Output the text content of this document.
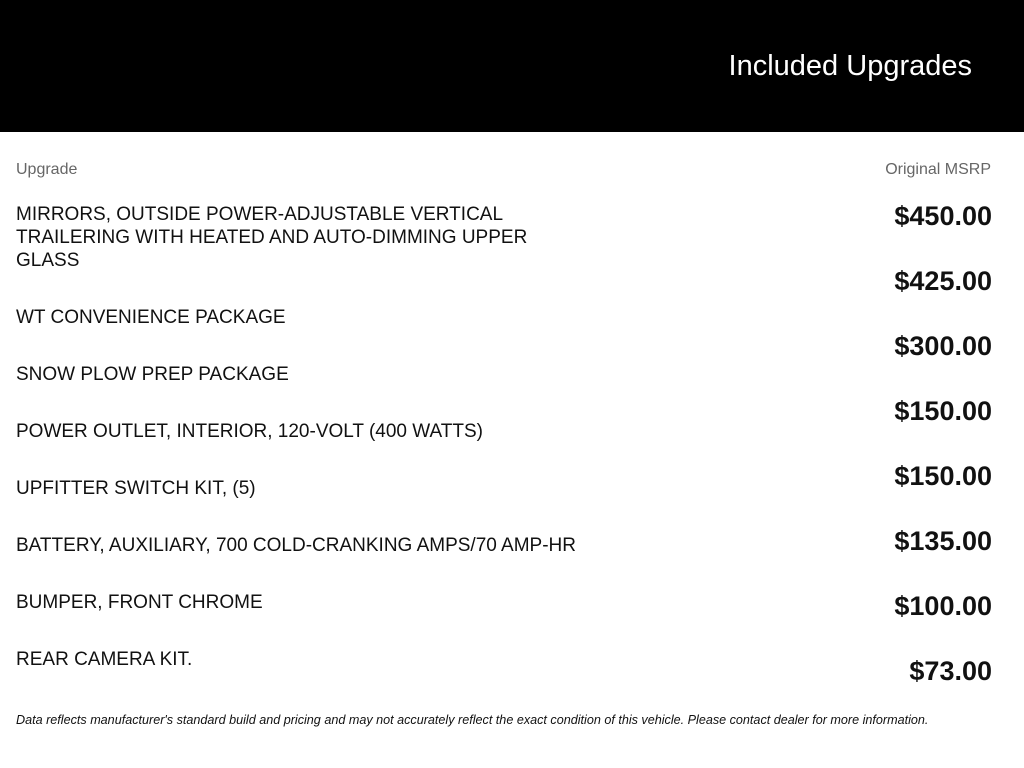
Included Upgrades
Upgrade	Original MSRP
MIRRORS, OUTSIDE POWER-ADJUSTABLE VERTICAL TRAILERING WITH HEATED AND AUTO-DIMMING UPPER GLASS
WT CONVENIENCE PACKAGE
SNOW PLOW PREP PACKAGE
POWER OUTLET, INTERIOR, 120-VOLT (400 WATTS)
UPFITTER SWITCH KIT, (5)
BATTERY, AUXILIARY, 700 COLD-CRANKING AMPS/70 AMP-HR
BUMPER, FRONT CHROME
REAR CAMERA KIT.
$450.00
$425.00
$300.00
$150.00
$150.00
$135.00
$100.00
$73.00
Data reflects manufacturer's standard build and pricing and may not accurately reflect the exact condition of this vehicle. Please contact dealer for more information.
